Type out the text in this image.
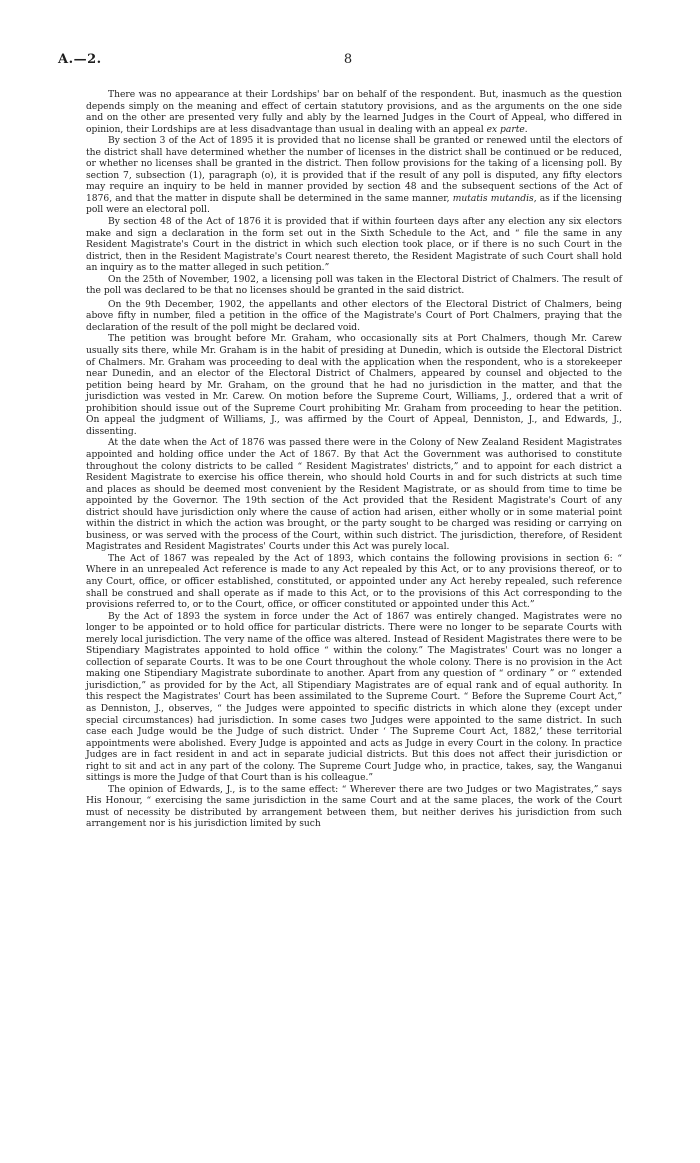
A.—2.	8

There was no appearance at their Lordships' bar on behalf of the respondent. But, inasmuch as the question depends simply on the meaning and effect of certain statutory provisions, and as the arguments on the one side and on the other are presented very fully and ably by the learned Judges in the Court of Appeal, who differed in opinion, their Lordships are at less disadvantage than usual in dealing with an appeal ex parte.

By section 3 of the Act of 1895 it is provided that no license shall be granted or renewed until the electors of the district shall have determined whether the number of licenses in the district shall be continued or be reduced, or whether no licenses shall be granted in the district. Then follow provisions for the taking of a licensing poll. By section 7, subsection (1), paragraph (o), it is provided that if the result of any poll is disputed, any fifty electors may require an inquiry to be held in manner provided by section 48 and the subsequent sections of the Act of 1876, and that the matter in dispute shall be determined in the same manner, mutatis mutandis, as if the licensing poll were an electoral poll.

By section 48 of the Act of 1876 it is provided that if within fourteen days after any election any six electors make and sign a declaration in the form set out in the Sixth Schedule to the Act, and “ file the same in any Resident Magistrate's Court in the district in which such election took place, or if there is no such Court in the district, then in the Resident Magistrate's Court nearest thereto, the Resident Magistrate of such Court shall hold an inquiry as to the matter alleged in such petition.”

On the 25th of November, 1902, a licensing poll was taken in the Electoral District of Chalmers. The result of the poll was declared to be that no licenses should be granted in the said district.

On the 9th December, 1902, the appellants and other electors of the Electoral District of Chalmers, being above fifty in number, filed a petition in the office of the Magistrate's Court of Port Chalmers, praying that the declaration of the result of the poll might be declared void.

The petition was brought before Mr. Graham, who occasionally sits at Port Chalmers, though Mr. Carew usually sits there, while Mr. Graham is in the habit of presiding at Dunedin, which is outside the Electoral District of Chalmers. Mr. Graham was proceeding to deal with the application when the respondent, who is a storekeeper near Dunedin, and an elector of the Electoral District of Chalmers, appeared by counsel and objected to the petition being heard by Mr. Graham, on the ground that he had no jurisdiction in the matter, and that the jurisdiction was vested in Mr. Carew. On motion before the Supreme Court, Williams, J., ordered that a writ of prohibition should issue out of the Supreme Court prohibiting Mr. Graham from proceeding to hear the petition. On appeal the judgment of Williams, J., was affirmed by the Court of Appeal, Denniston, J., and Edwards, J., dissenting.

At the date when the Act of 1876 was passed there were in the Colony of New Zealand Resident Magistrates appointed and holding office under the Act of 1867. By that Act the Government was authorised to constitute throughout the colony districts to be called “ Resident Magistrates' districts,” and to appoint for each district a Resident Magistrate to exercise his office therein, who should hold Courts in and for such districts at such time and places as should be deemed most convenient by the Resident Magistrate, or as should from time to time be appointed by the Governor. The 19th section of the Act provided that the Resident Magistrate's Court of any district should have jurisdiction only where the cause of action had arisen, either wholly or in some material point within the district in which the action was brought, or the party sought to be charged was residing or carrying on business, or was served with the process of the Court, within such district. The jurisdiction, therefore, of Resident Magistrates and Resident Magistrates' Courts under this Act was purely local.

The Act of 1867 was repealed by the Act of 1893, which contains the following provisions in section 6: “ Where in an unrepealed Act reference is made to any Act repealed by this Act, or to any provisions thereof, or to any Court, office, or officer established, constituted, or appointed under any Act hereby repealed, such reference shall be construed and shall operate as if made to this Act, or to the provisions of this Act corresponding to the provisions referred to, or to the Court, office, or officer constituted or appointed under this Act.”

By the Act of 1893 the system in force under the Act of 1867 was entirely changed. Magistrates were no longer to be appointed or to hold office for particular districts. There were no longer to be separate Courts with merely local jurisdiction. The very name of the office was altered. Instead of Resident Magistrates there were to be Stipendiary Magistrates appointed to hold office “ within the colony.” The Magistrates' Court was no longer a collection of separate Courts. It was to be one Court throughout the whole colony. There is no provision in the Act making one Stipendiary Magistrate subordinate to another. Apart from any question of “ ordinary ” or “ extended jurisdiction,” as provided for by the Act, all Stipendiary Magistrates are of equal rank and of equal authority. In this respect the Magistrates' Court has been assimilated to the Supreme Court. “ Before the Supreme Court Act,” as Denniston, J., observes, “ the Judges were appointed to specific districts in which alone they (except under special circumstances) had jurisdiction. In some cases two Judges were appointed to the same district. In such case each Judge would be the Judge of such district. Under ‘ The Supreme Court Act, 1882,’ these territorial appointments were abolished. Every Judge is appointed and acts as Judge in every Court in the colony. In practice Judges are in fact resident in and act in separate judicial districts. But this does not affect their jurisdiction or right to sit and act in any part of the colony. The Supreme Court Judge who, in practice, takes, say, the Wanganui sittings is more the Judge of that Court than is his colleague.”

The opinion of Edwards, J., is to the same effect: “ Wherever there are two Judges or two Magistrates,” says His Honour, “ exercising the same jurisdiction in the same Court and at the same places, the work of the Court must of necessity be distributed by arrangement between them, but neither derives his jurisdiction from such arrangement nor is his jurisdiction limited by such
